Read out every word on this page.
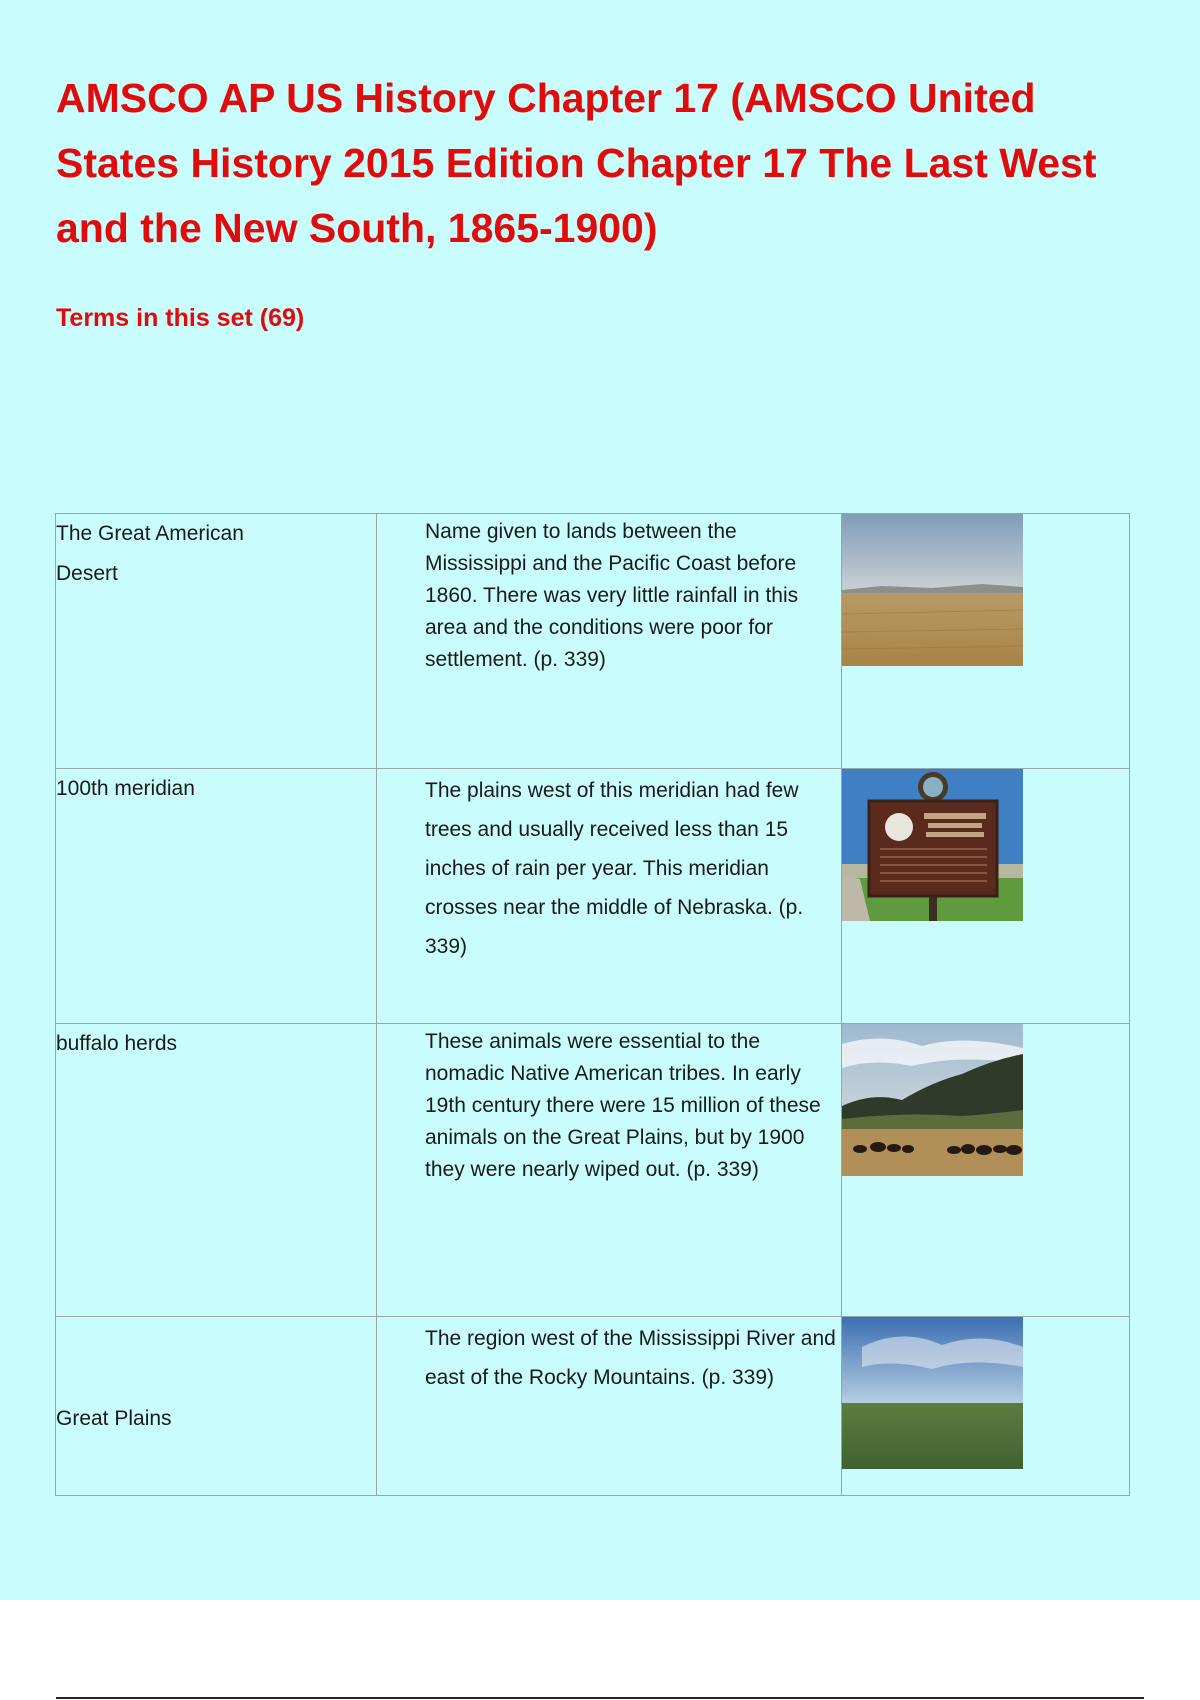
AMSCO AP US History Chapter 17 (AMSCO United States History 2015 Edition Chapter 17 The Last West and the New South, 1865-1900)
Terms in this set (69)
The Great American
Desert	Name given to lands between the Mississippi and the Pacific Coast before 1860. There was very little rainfall in this area and the conditions were poor for settlement. (p. 339)

100th meridian	The plains west of this meridian had few trees and usually received less than 15 inches of rain per year. This meridian crosses near the middle of Nebraska. (p. 339)

buffalo herds	These animals were essential to the nomadic Native American tribes. In early 19th century there were 15 million of these animals on the Great Plains, but by 1900 they were nearly wiped out. (p. 339)

Great Plains	The region west of the Mississippi River and east of the Rocky Mountains. (p. 339)
